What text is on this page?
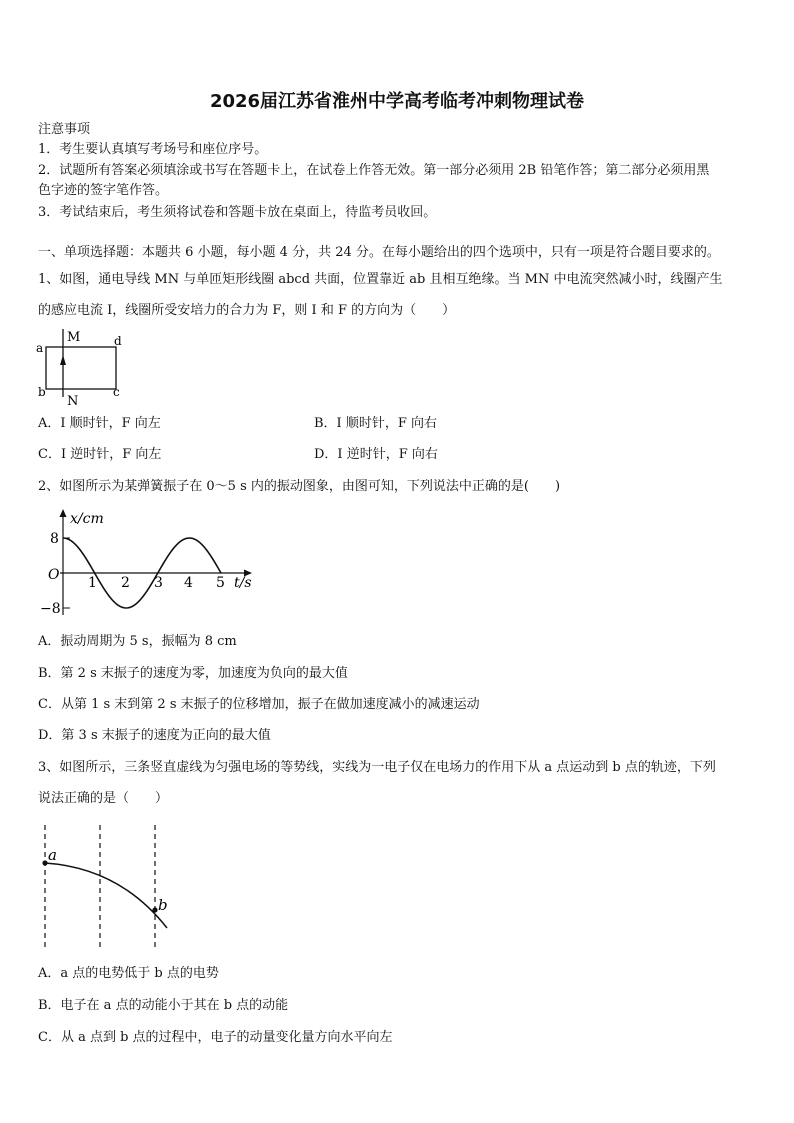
2026届江苏省淮州中学高考临考冲刺物理试卷
注意事项
1．考生要认真填写考场号和座位序号。
2．试题所有答案必须填涂或书写在答题卡上，在试卷上作答无效。第一部分必须用 2B 铅笔作答；第二部分必须用黑
色字迹的签字笔作答。
3．考试结束后，考生须将试卷和答题卡放在桌面上，待监考员收回。
一、单项选择题：本题共 6 小题，每小题 4 分，共 24 分。在每小题给出的四个选项中，只有一项是符合题目要求的。
1、如图，通电导线 MN 与单匝矩形线圈 abcd 共面，位置靠近 ab 且相互绝缘。当 MN 中电流突然减小时，线圈产生
的感应电流 I，线圈所受安培力的合力为 F，则 I 和 F 的方向为（　　）
a
b	c
d
M
N
A．I 顺时针，F 向左	B．I 顺时针，F 向右
C．I 逆时针，F 向左	D．I 逆时针，F 向右
2、如图所示为某弹簧振子在 0～5 s 内的振动图象，由图可知，下列说法中正确的是(　　)
x/cm
t/s
O
8
−8
1 2 3 4 5
A．振动周期为 5 s，振幅为 8 cm
B．第 2 s 末振子的速度为零，加速度为负向的最大值
C．从第 1 s 末到第 2 s 末振子的位移增加，振子在做加速度减小的减速运动
D．第 3 s 末振子的速度为正向的最大值
3、如图所示，三条竖直虚线为匀强电场的等势线，实线为一电子仅在电场力的作用下从 a 点运动到 b 点的轨迹，下列
说法正确的是（　　）
a
b
A．a 点的电势低于 b 点的电势
B．电子在 a 点的动能小于其在 b 点的动能
C．从 a 点到 b 点的过程中，电子的动量变化量方向水平向左
